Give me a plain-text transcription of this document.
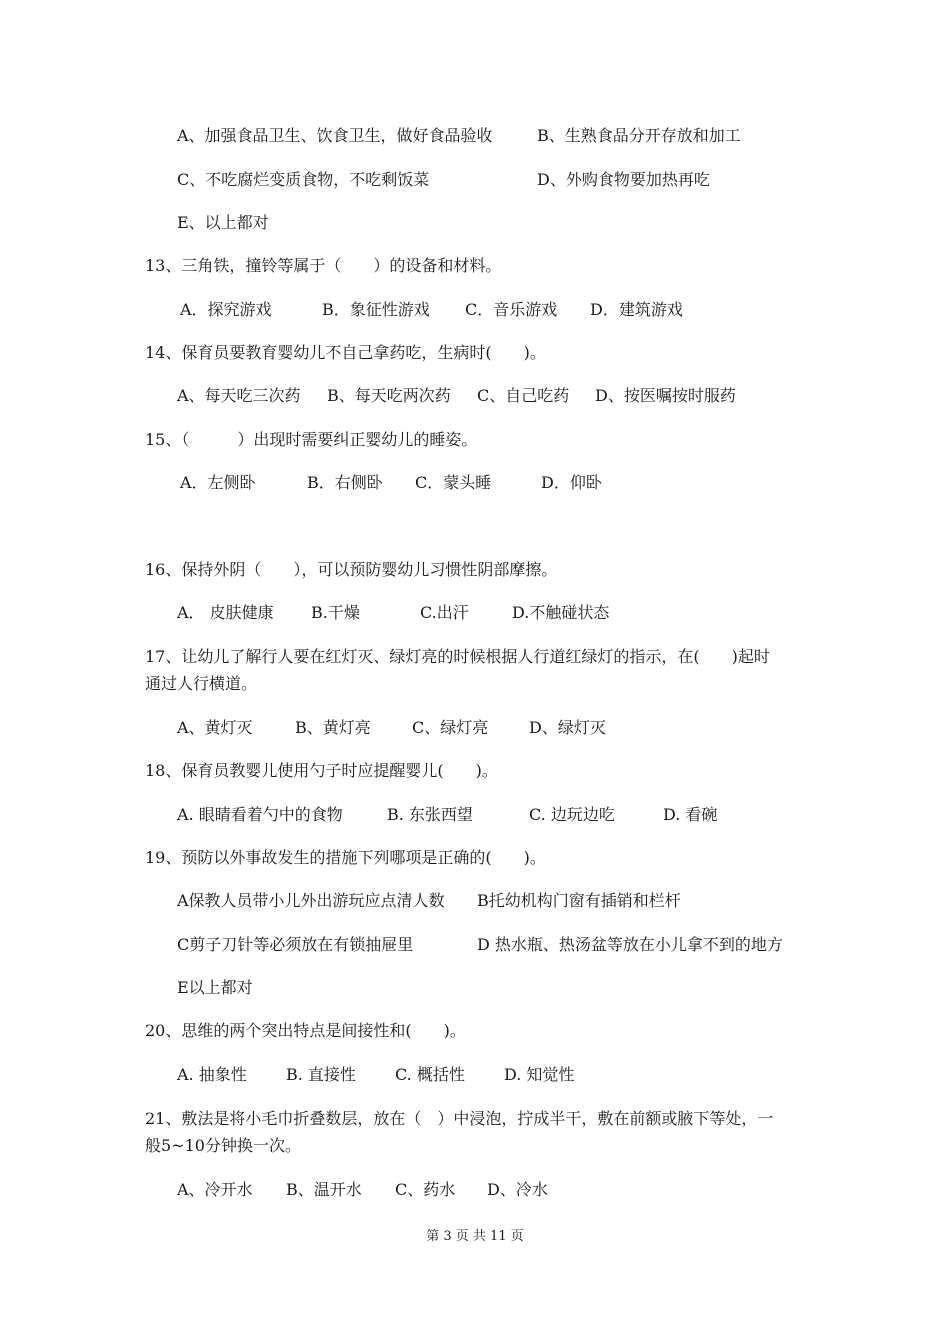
A、加强食品卫生、饮食卫生，做好食品验收	B、生熟食品分开存放和加工
C、不吃腐烂变质食物，不吃剩饭菜	D、外购食物要加热再吃
E、以上都对
13、三角铁，撞铃等属于（　　）的设备和材料。
A．探究游戏	B．象征性游戏 C．音乐游戏 D．建筑游戏
14、保育员要教育婴幼儿不自己拿药吃，生病时(　　)。
A、每天吃三次药 B、每天吃两次药 C、自己吃药 D、按医嘱按时服药
15、（　　　）出现时需要纠正婴幼儿的睡姿。
A．左侧卧	B．右侧卧 C．蒙头睡	D．仰卧
16、保持外阴（　　），可以预防婴幼儿习惯性阴部摩擦。
A． 皮肤健康 B.干燥	C.出汗	D.不触碰状态
17、让幼儿了解行人要在红灯灭、绿灯亮的时候根据人行道红绿灯的指示，在(　　)起时
通过人行横道。
A、黄灯灭	B、黄灯亮	C、绿灯亮	D、绿灯灭
18、保育员教婴儿使用勺子时应提醒婴儿(　　)。
A. 眼睛看着勺中的食物	B. 东张西望	C. 边玩边吃	D. 看碗
19、预防以外事故发生的措施下列哪项是正确的(　　)。
A保教人员带小儿外出游玩应点清人数 B托幼机构门窗有插销和栏杆
C剪子刀针等必须放在有锁抽屉里	D 热水瓶、热汤盆等放在小儿拿不到的地方
E以上都对
20、思维的两个突出特点是间接性和(　　)。
A. 抽象性 B. 直接性 C. 概括性 D. 知觉性
21、敷法是将小毛巾折叠数层，放在（　）中浸泡，拧成半干，敷在前额或腋下等处，一
般5~10分钟换一次。
A、冷开水 B、温开水 C、药水 D、冷水
第 3 页 共 11 页
